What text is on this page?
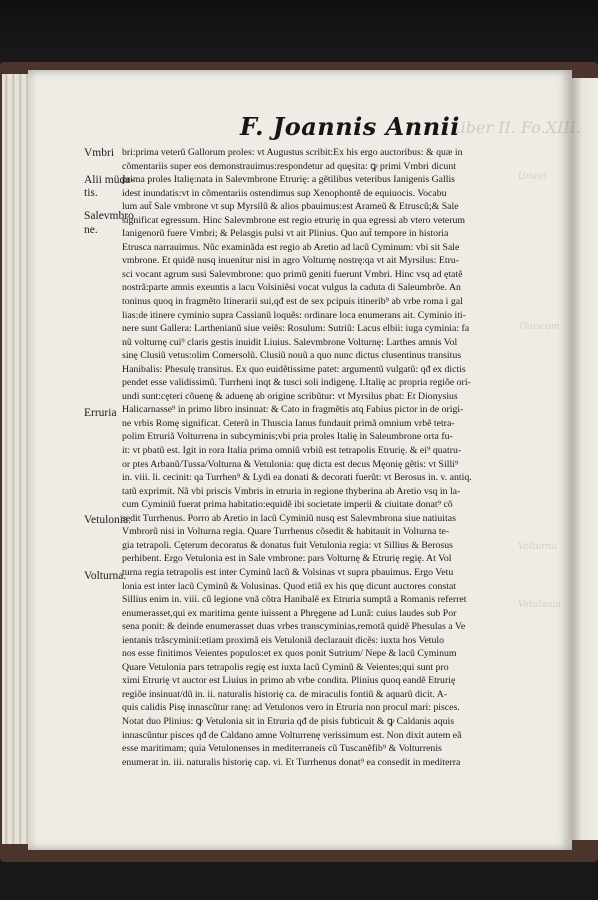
Liber II. Fo.XIII.
Umbri
Thuscum
Volturna
Vetulonia
F. Joannis Annii
Vmbri
Alii müda-
tis.
Salevmbro
ne.
Erruria
Vetulonia.
Volturna.
bri:prima veterũ Gallorum proles: vt Augustus scribit:Ex his ergo auctoribus: & quæ in
cõmentariis super eos demonstrauimus:respondetur ad quęsita: ꝙ primi Vmbri dicunt
prima proles Italię:nata in Salevmbrone Etrurię: a gẽtilibus veteribus Ianigenis Gallis
idest inundatis:vt in cõmentariis ostendimus sup Xenophontẽ de equiuocis. Vocabu
lum aut̃ Sale vmbrone vt sup Myrsilũ & alios pbauimus:est Arameũ & Etruscũ;& Sale
significat egressum. Hinc Salevmbrone est regio etrurię in qua egressi ab vtero veterum
Ianigenorũ fuere Vmbri; & Pelasgis pulsi vt ait Plinius. Quo aut̃ tempore in historia
Etrusca narrauimus. Nũc examinãda est regio ab Aretio ad lacũ Cyminum: vbi sit Sale
vmbrone. Et quidẽ nusq inuenitur nisi in agro Volturnę nostrę:qa vt ait Myrsilus: Etru-
sci vocant agrum susi Salevmbrone: quo primũ geniti fuerunt Vmbri. Hinc vsq ad ętatẽ
nostrã:parte amnis exeuntis a lacu Volsiniẽsi vocat vulgus la caduta di Saleumbrõe. An
toninus quoq in fragmẽto Itinerarii sui,qđ est de sex pcipuis itinerib⁹ ab vrbe roma i gal
lias:de itinere cyminio supra Cassianũ loquẽs: ordinare loca enumerans ait. Cyminio iti-
nere sunt Gallera: Larthenianũ siue veiẽs: Rosulum: Sutriũ: Lacus elbii: iuga cyminia: fa
nũ volturnę cui⁹ claris gestis inuidit Liuius. Salevmbrone Volturnę: Larthes amnis Vol
sinę Clusiũ vetus:olim Comersolũ. Clusiũ nouũ a quo nunc dictus clusentinus transitus
Hanibalis: Phesulę transitus. Ex quo euidẽtissime patet: argumentũ vulgatũ: qđ ex dictis
pendet esse validissimũ. Turrheni inqt & tusci soli indigenę. I.Italię ac propria regiõe ori-
undi sunt:cęteri cõuenę & aduenę ab origine scribũtur: vt Myrsilus pbat: Et Dionysius
Halicarnasse⁹ in primo libro insinuat: & Cato in fragmẽtis atq Fabius pictor in de origi-
ne vrbis Romę significat. Ceterũ in Thuscia Ianus fundauit primã omnium vrbẽ tetra-
polim Etruriã Volturrena in subcyminis;vbi pria proles Italię in Saleumbrone orta fu-
it: vt pbatũ est. Igit in rora Italia prima omniũ vrbiũ est tetrapolis Etrurię. & ei⁹ quatru-
or ptes Arbanũ/Tussa/Volturna & Vetulonia: quę dicta est decus Męonię gẽtis: vt Silli⁹
in. viii. li. cecinit: qa Turrhen⁹ & Lydi ea donati & decorati fuerũt: vt Berosus in. v. antiq.
tatũ exprimit. Nã vbi priscis Vmbris in etruria in regione thyberina ab Aretio vsq in la-
cum Cyminiũ fuerat prima habitatio:equidẽ ibi societate imperii & ciuitate donat⁹ cõ
sedit Turrhenus. Porro ab Aretio in lacũ Cyminiũ nusq est Salevmbrona siue natiuitas
Vmbrorũ nisi in Volturna regia. Quare Turrhenus cõsedit & habitauit in Volturna te-
gia tetrapoli. Cęterum decoratus & donatus fuit Vetulonia regia: vt Sillius & Berosus
perhibent. Ergo Vetulonia est in Sale vmbrone: pars Volturnę & Etrurię regię. At Vol
turna regia tetrapolis est inter Cyminũ lacũ & Volsinas vt supra pbauimus. Ergo Vetu
lonia est inter lacũ Cyminũ & Volusinas. Quod etiã ex his quę dicunt auctores constat
Sillius enim in. viii. cũ legione vnã cõtra Hanibalẽ ex Etruria sumptã a Romanis referret
enumerasset,qui ex maritima gente iuissent a Phręgene ad Lunã: cuius laudes sub Por
sena ponit: & deinde enumerasset duas vrbes transcyminias,remotã quidẽ Phesulas a Ve
ientanis trãscyminii:etiam proximã eis Vetuloniã declarauit dicẽs: iuxta hos Vetulo
nos esse finitimos Veientes populos:et ex quos ponit Sutrium/ Nepe & lacũ Cyminum
Quare Vetulonia pars tetrapolis regię est iuxta lacũ Cyminũ & Veientes;qui sunt pro
ximi Etrurię vt auctor est Liuius in primo ab vrbe condita. Plinius quoq eandẽ Etrurię
regiõe insinuat/dũ in. ii. naturalis historię ca. de miraculis fontiũ & aquarũ dicit. A-
quis calidis Pisę innascũtur ranę: ad Vetulonos vero in Etruria non procul mari: pisces.
Notat duo Plinius: ꝙ Vetulonia sit in Etruria qđ de pisis fubticuit & ꝙ Caldanis aquis
innascũntur pisces qđ de Caldano amne Volturrenę verissimum est. Non dixit autem eã
esse maritimam; quia Vetulonenses in mediterraneis cũ Tuscanẽfib⁹ & Volturrenis
enumerat in. iii. naturalis historię cap. vi. Et Turrhenus donat⁹ ea consedit in mediterra
